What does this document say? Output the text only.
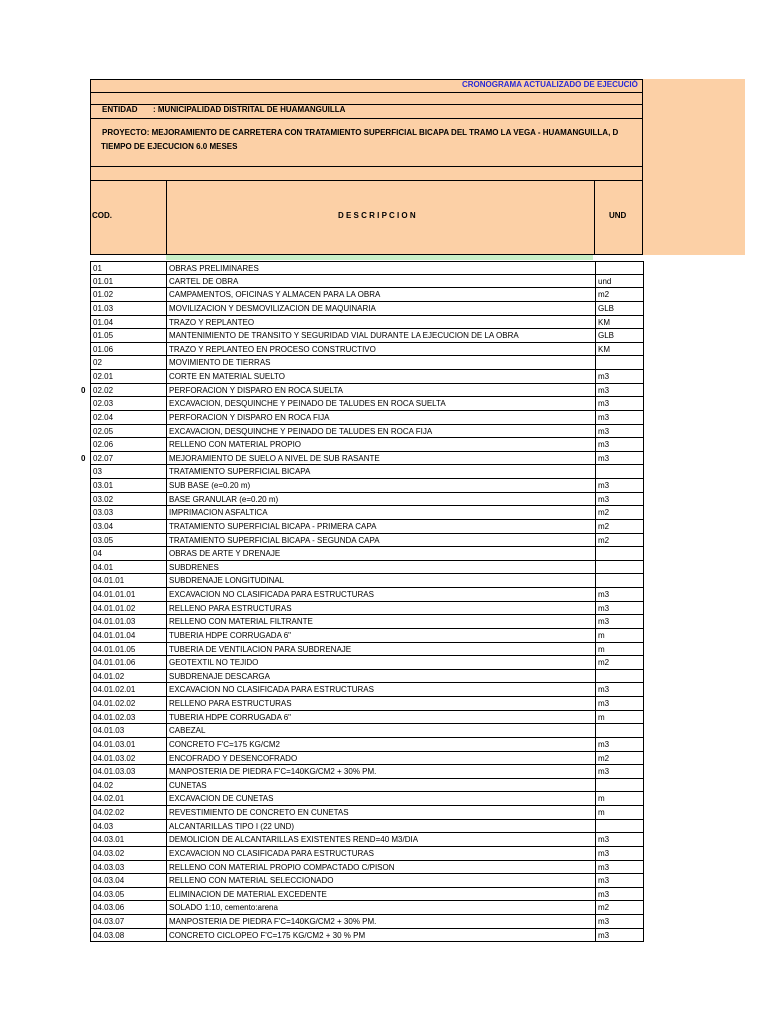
CRONOGRAMA ACTUALIZADO DE EJECUCIÓ
ENTIDAD : MUNICIPALIDAD DISTRITAL DE HUAMANGUILLA
PROYECTO: MEJORAMIENTO DE CARRETERA CON TRATAMIENTO SUPERFICIAL BICAPA DEL TRAMO LA VEGA - HUAMANGUILLA, D
TIEMPO DE EJECUCION 6.0 MESES
COD.	D E S C R I P C I O N	UND
0
0
01	OBRAS PRELIMINARES
01.01	CARTEL DE OBRA	und
01.02	CAMPAMENTOS, OFICINAS Y ALMACEN PARA LA OBRA	m2
01.03	MOVILIZACION Y DESMOVILIZACION DE MAQUINARIA	GLB
01.04	TRAZO Y REPLANTEO	KM
01.05	MANTENIMIENTO DE TRANSITO Y SEGURIDAD VIAL DURANTE LA EJECUCION DE LA OBRA	GLB
01.06	TRAZO Y REPLANTEO EN PROCESO CONSTRUCTIVO	KM
02	MOVIMIENTO DE TIERRAS
02.01	CORTE EN MATERIAL SUELTO	m3
02.02	PERFORACION Y DISPARO EN ROCA SUELTA	m3
02.03	EXCAVACION, DESQUINCHE Y PEINADO DE TALUDES EN ROCA SUELTA	m3
02.04	PERFORACION Y DISPARO EN ROCA FIJA	m3
02.05	EXCAVACION, DESQUINCHE Y PEINADO DE TALUDES EN ROCA FIJA	m3
02.06	RELLENO CON MATERIAL PROPIO	m3
02.07	MEJORAMIENTO DE SUELO A NIVEL DE SUB RASANTE	m3
03	TRATAMIENTO SUPERFICIAL BICAPA
03.01	SUB BASE (e=0.20 m)	m3
03.02	BASE GRANULAR (e=0.20 m)	m3
03.03	IMPRIMACION ASFALTICA	m2
03.04	TRATAMIENTO SUPERFICIAL BICAPA - PRIMERA CAPA	m2
03.05	TRATAMIENTO SUPERFICIAL BICAPA - SEGUNDA CAPA	m2
04	OBRAS DE ARTE Y DRENAJE
04.01	SUBDRENES
04.01.01	SUBDRENAJE LONGITUDINAL
04.01.01.01	EXCAVACION NO CLASIFICADA PARA ESTRUCTURAS	m3
04.01.01.02	RELLENO PARA ESTRUCTURAS	m3
04.01.01.03	RELLENO CON MATERIAL FILTRANTE	m3
04.01.01.04	TUBERIA HDPE CORRUGADA 6"	m
04.01.01.05	TUBERIA DE VENTILACION PARA SUBDRENAJE	m
04.01.01.06	GEOTEXTIL NO TEJIDO	m2
04.01.02	SUBDRENAJE DESCARGA
04.01.02.01	EXCAVACION NO CLASIFICADA PARA ESTRUCTURAS	m3
04.01.02.02	RELLENO PARA ESTRUCTURAS	m3
04.01.02.03	TUBERIA HDPE CORRUGADA 6"	m
04.01.03	CABEZAL
04.01.03.01	CONCRETO F'C=175 KG/CM2	m3
04.01.03.02	ENCOFRADO Y DESENCOFRADO	m2
04.01.03.03	MANPOSTERIA DE PIEDRA F'C=140KG/CM2 + 30% PM.	m3
04.02	CUNETAS
04.02.01	EXCAVACION DE CUNETAS	m
04.02.02	REVESTIMIENTO DE CONCRETO EN CUNETAS	m
04.03	ALCANTARILLAS TIPO I (22 UND)
04.03.01	DEMOLICION DE ALCANTARILLAS EXISTENTES REND=40 M3/DIA	m3
04.03.02	EXCAVACION NO CLASIFICADA PARA ESTRUCTURAS	m3
04.03.03	RELLENO CON MATERIAL PROPIO COMPACTADO C/PISON	m3
04.03.04	RELLENO CON MATERIAL SELECCIONADO	m3
04.03.05	ELIMINACION DE MATERIAL EXCEDENTE	m3
04.03.06	SOLADO 1:10, cemento:arena	m2
04.03.07	MANPOSTERIA DE PIEDRA F'C=140KG/CM2 + 30% PM.	m3
04.03.08	CONCRETO CICLOPEO F'C=175 KG/CM2 + 30 % PM	m3
